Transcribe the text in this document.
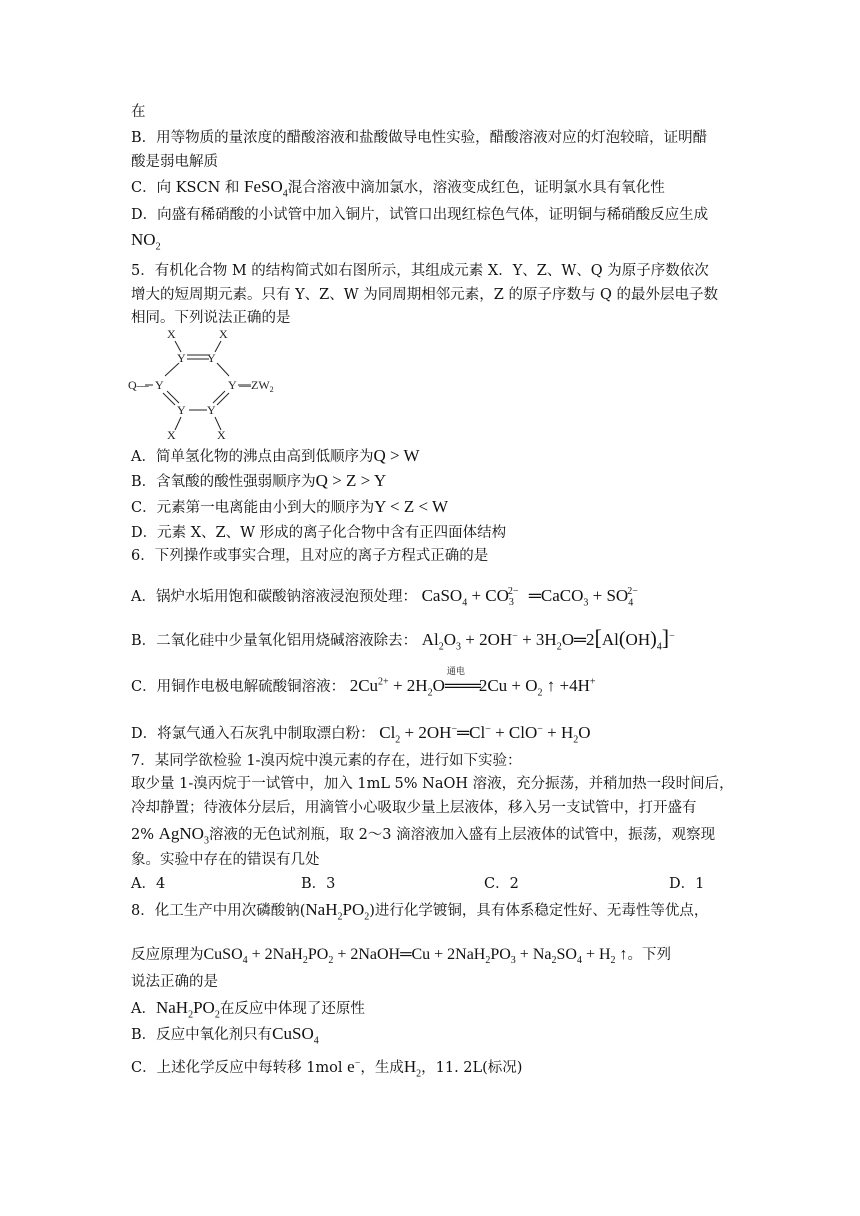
在
B．用等物质的量浓度的醋酸溶液和盐酸做导电性实验，醋酸溶液对应的灯泡较暗，证明醋
酸是弱电解质
C．向 KSCN 和 FeSO$_4$混合溶液中滴加氯水，溶液变成红色，证明氯水具有氧化性
D．向盛有稀硝酸的小试管中加入铜片，试管口出现红棕色气体，证明铜与稀硝酸反应生成
$NO_2$
5．有机化合物 M 的结构简式如右图所示，其组成元素 X．Y、Z、W、Q 为原子序数依次
增大的短周期元素。只有 Y、Z、W 为同周期相邻元素，Z 的原子序数与 Q 的最外层电子数
相同。下列说法正确的是
X	X
Y Y
Q— Y	Y $—ZW_2$
Y Y
X	X
A．简单氢化物的沸点由高到低顺序为Q > W
B．含氧酸的酸性强弱顺序为Q > Z > Y
C．元素第一电离能由小到大的顺序为Y < Z < W
D．元素 X、Z、W 形成的离子化合物中含有正四面体结构
6．下列操作或事实合理，且对应的离子方程式正确的是
A．锅炉水垢用饱和碳酸钠溶液浸泡预处理： CaSO$_4$ + $CO_3^{2-}$ ═CaCO$_3$ + $SO_4^{2-}$
B．二氧化硅中少量氧化铝用烧碱溶液除去： $Al_2O_3 + 2OH^-$ + $3H_2O═2[Al(OH)_4]^-$
C．用铜作电极电解硫酸铜溶液： $2Cu^{2+} + 2H_2O$
通电
═══2Cu + $O_2$ ↑ +4H+
D．将氯气通入石灰乳中制取漂白粉： $Cl_2$ + 2OH−═Cl− + $ClO^- + H_2O$
7．某同学欲检验 1-溴丙烷中溴元素的存在，进行如下实验：
取少量 1-溴丙烷于一试管中，加入 1mL 5% NaOH 溶液，充分振荡，并稍加热一段时间后，
冷却静置；待液体分层后，用滴管小心吸取少量上层液体，移入另一支试管中，打开盛有
2% AgNO$_3$溶液的无色试剂瓶，取 2～3 滴溶液加入盛有上层液体的试管中，振荡，观察现
象。实验中存在的错误有几处
A．4	B．3	C．2	D．1
8．化工生产中用次磷酸钠$(NaH_2PO_2)$进行化学镀铜，具有体系稳定性好、无毒性等优点，
反应原理为CuSO$_4$ + $2NaH_2PO_2$ + 2NaOH═Cu + $2NaH_2PO_3 + Na_2SO_4 + H_2$ ↑。下列
说法正确的是
A．$NaH_2PO_2$在反应中体现了还原性
B．反应中氧化剂只有CuSO$_4$
C．上述化学反应中每转移 1mol e−，生成$H_2$，11. 2L(标况)
